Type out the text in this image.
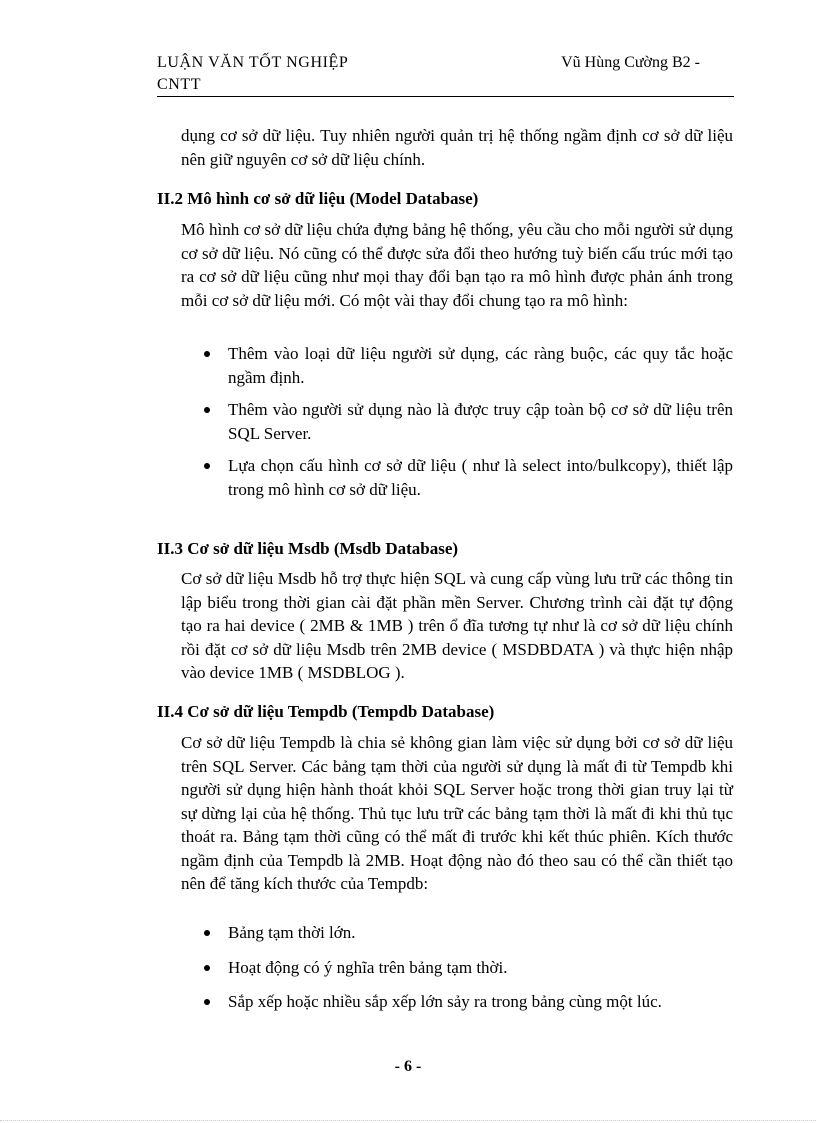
LUẬN VĂN TỐT NGHIỆP
CNTT
Vũ Hùng Cường B2 -
dụng cơ sở dữ liệu. Tuy nhiên người quản trị hệ thống ngầm định cơ sở dữ liệu nên giữ nguyên cơ sở dữ liệu chính.
II.2 Mô hình cơ sở dữ liệu (Model Database)
Mô hình cơ sở dữ liệu chứa đựng bảng hệ thống, yêu cầu cho mỗi người sử dụng cơ sở dữ liệu. Nó cũng có thể được sửa đổi theo hướng tuỳ biến cấu trúc mới tạo ra cơ sở dữ liệu cũng như mọi thay đổi bạn tạo ra mô hình được phản ánh trong mỗi cơ sở dữ liệu mới. Có một vài thay đổi chung tạo ra mô hình:
Thêm vào loại dữ liệu người sử dụng, các ràng buộc, các quy tắc hoặc ngầm định.
Thêm vào người sử dụng nào là được truy cập toàn bộ cơ sở dữ liệu trên SQL Server.
Lựa chọn cấu hình cơ sở dữ liệu ( như là select into/bulkcopy), thiết lập trong mô hình cơ sở dữ liệu.
II.3 Cơ sở dữ liệu Msdb (Msdb Database)
Cơ sở dữ liệu Msdb hỗ trợ thực hiện SQL và cung cấp vùng lưu trữ các thông tin lập biểu trong thời gian cài đặt phần mền Server. Chương trình cài đặt tự động tạo ra hai device ( 2MB & 1MB ) trên ổ đĩa tương tự như là cơ sở dữ liệu chính rồi đặt cơ sở dữ liệu Msdb trên 2MB device ( MSDBDATA ) và thực hiện nhập vào device 1MB ( MSDBLOG ).
II.4 Cơ sở dữ liệu Tempdb (Tempdb Database)
Cơ sở dữ liệu Tempdb là chia sẻ không gian làm việc sử dụng bởi cơ sở dữ liệu trên SQL Server. Các bảng tạm thời của người sử dụng là mất đi từ Tempdb khi người sử dụng hiện hành thoát khỏi SQL Server hoặc trong thời gian truy lại từ sự dừng lại của hệ thống. Thủ tục lưu trữ các bảng tạm thời là mất đi khi thủ tục thoát ra. Bảng tạm thời cũng có thể mất đi trước khi kết thúc phiên. Kích thước ngầm định của Tempdb là 2MB. Hoạt động nào đó theo sau có thể cần thiết tạo nên để tăng kích thước của Tempdb:
Bảng tạm thời lớn.
Hoạt động có ý nghĩa trên bảng tạm thời.
Sắp xếp hoặc nhiều sắp xếp lớn sảy ra trong bảng cùng một lúc.
- 6 -
